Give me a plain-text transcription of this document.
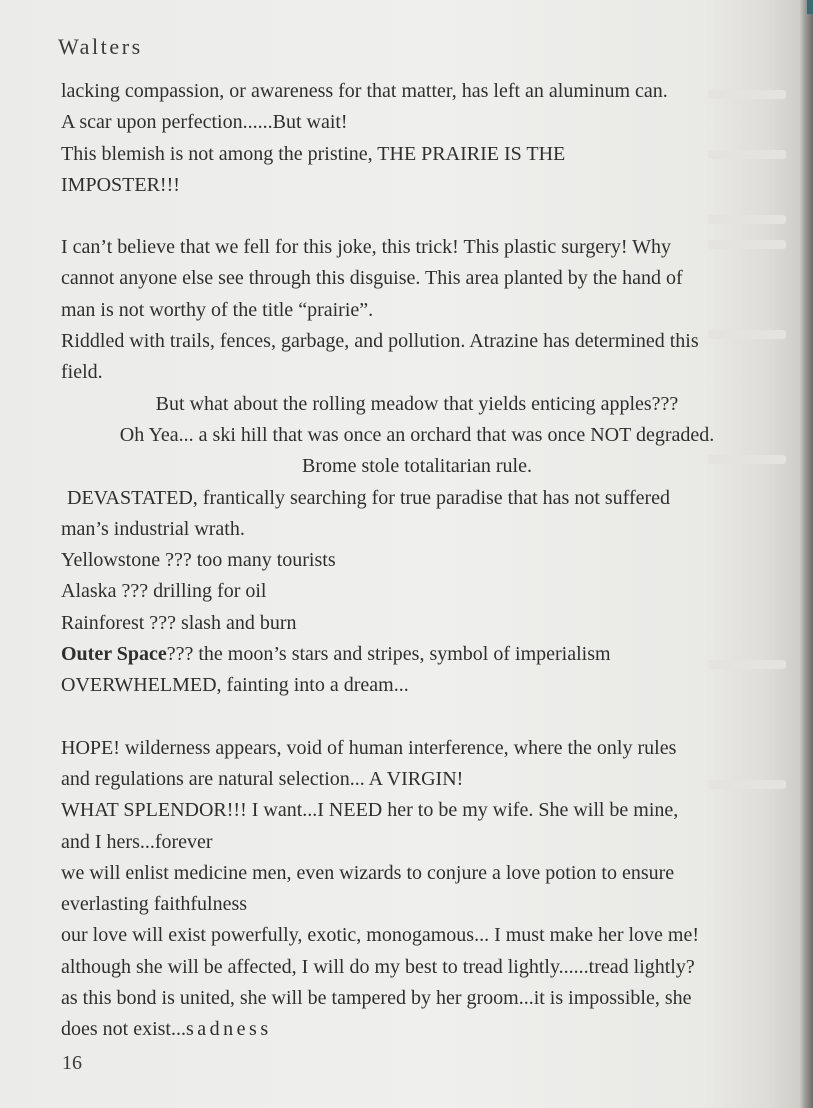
Walters
lacking compassion, or awareness for that matter, has left an aluminum can.
A scar upon perfection......But wait!
This blemish is not among the pristine, THE PRAIRIE IS THE
IMPOSTER!!!
I can’t believe that we fell for this joke, this trick! This plastic surgery! Why
cannot anyone else see through this disguise. This area planted by the hand of
man is not worthy of the title “prairie”.
Riddled with trails, fences, garbage, and pollution. Atrazine has determined this
field.
But what about the rolling meadow that yields enticing apples???
Oh Yea... a ski hill that was once an orchard that was once NOT degraded.
Brome stole totalitarian rule.
DEVASTATED, frantically searching for true paradise that has not suffered
man’s industrial wrath.
Yellowstone ??? too many tourists
Alaska ??? drilling for oil
Rainforest ??? slash and burn
Outer Space??? the moon’s stars and stripes, symbol of imperialism
OVERWHELMED, fainting into a dream...
HOPE! wilderness appears, void of human interference, where the only rules
and regulations are natural selection... A VIRGIN!
WHAT SPLENDOR!!! I want...I NEED her to be my wife. She will be mine,
and I hers...forever
we will enlist medicine men, even wizards to conjure a love potion to ensure
everlasting faithfulness
our love will exist powerfully, exotic, monogamous... I must make her love me!
although she will be affected, I will do my best to tread lightly......tread lightly?
as this bond is united, she will be tampered by her groom...it is impossible, she
does not exist...sadness
16
